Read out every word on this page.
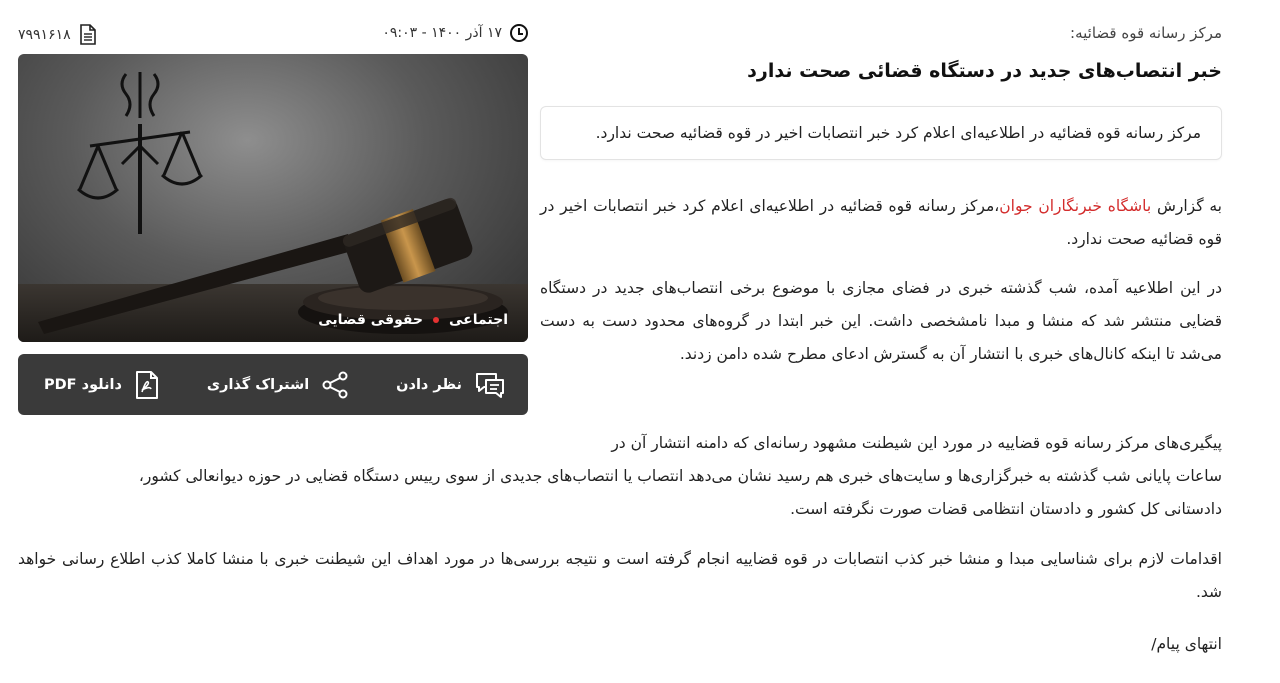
مرکز رسانه قوه قضائیه:
خبر انتصاب‌های جدید در دستگاه قضائی صحت ندارد
مرکز رسانه قوه قضائیه در اطلاعیه‌ای اعلام کرد خبر انتصابات اخیر در قوه قضائیه صحت ندارد.

به گزارش باشگاه خبرنگاران جوان،مرکز رسانه قوه قضائیه در اطلاعیه‌ای اعلام کرد خبر انتصابات اخیر در قوه قضائیه صحت ندارد.

در این اطلاعیه آمده، شب گذشته خبری در فضای مجازی با موضوع برخی انتصاب‌های جدید در دستگاه قضایی منتشر شد که منشا و مبدا نامشخصی داشت. این خبر ابتدا در گروه‌های محدود دست به دست می‌شد تا اینکه کانال‌های خبری با انتشار آن به گسترش ادعای مطرح شده دامن زدند.

پیگیری‌های مرکز رسانه قوه قضاییه در مورد این شیطنت مشهود رسانه‌ای که دامنه انتشار آن در
ساعات پایانی شب گذشته به خبرگزاری‌ها و سایت‌های خبری هم رسید نشان می‌دهد انتصاب یا انتصاب‌های جدیدی از سوی رییس دستگاه قضایی در حوزه دیوانعالی کشور،
دادستانی کل کشور و دادستان انتظامی قضات صورت نگرفته است.

اقدامات لازم برای شناسایی مبدا و منشا خبر کذب انتصابات در قوه قضاییه انجام گرفته است و نتیجه بررسی‌ها در مورد اهداف این شیطنت خبری با منشا کاملا کذب اطلاع رسانی خواهد شد.

انتهای پیام/

۱۷ آذر ۱۴۰۰ - ۰۹:۰۳
۷۹۹۱۶۱۸
اجتماعی
حقوقی قضایی
نظر دادن
اشتراک گذاری
دانلود PDF
